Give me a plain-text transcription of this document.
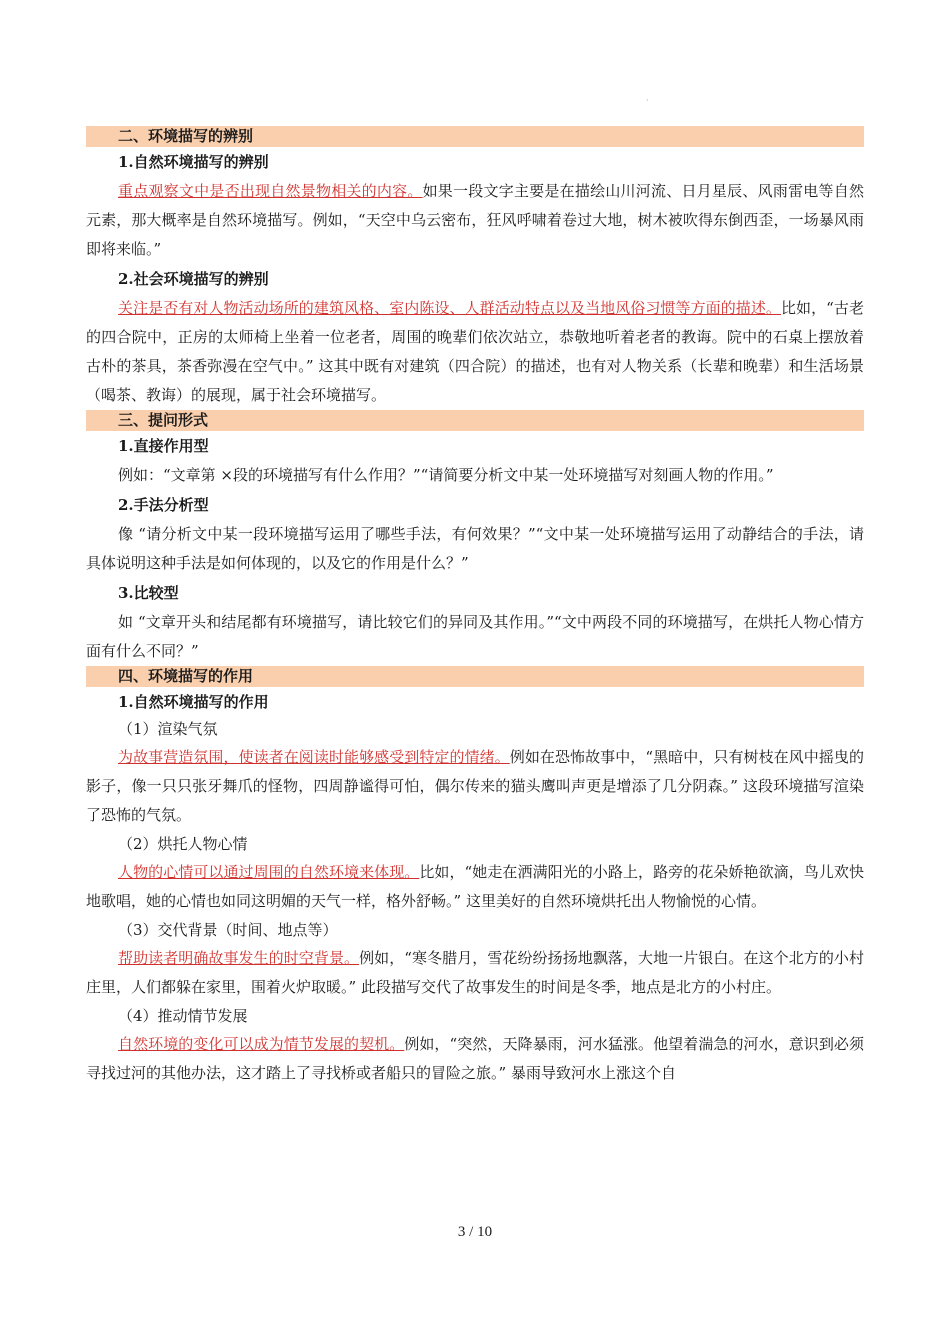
·
二、环境描写的辨别
1.自然环境描写的辨别

重点观察文中是否出现自然景物相关的内容。如果一段文字主要是在描绘山川河流、日月星辰、风雨雷电等自然元素，那大概率是自然环境描写。例如，“天空中乌云密布，狂风呼啸着卷过大地，树木被吹得东倒西歪，一场暴风雨即将来临。”

2.社会环境描写的辨别

关注是否有对人物活动场所的建筑风格、室内陈设、人群活动特点以及当地风俗习惯等方面的描述。比如，“古老的四合院中，正房的太师椅上坐着一位老者，周围的晚辈们依次站立，恭敬地听着老者的教诲。院中的石桌上摆放着古朴的茶具，茶香弥漫在空气中。” 这其中既有对建筑（四合院）的描述，也有对人物关系（长辈和晚辈）和生活场景（喝茶、教诲）的展现，属于社会环境描写。

三、提问形式
1.直接作用型

例如：“文章第 ×段的环境描写有什么作用？”“请简要分析文中某一处环境描写对刻画人物的作用。”

2.手法分析型

像 “请分析文中某一段环境描写运用了哪些手法，有何效果？”“文中某一处环境描写运用了动静结合的手法，请具体说明这种手法是如何体现的，以及它的作用是什么？”

3.比较型

如 “文章开头和结尾都有环境描写，请比较它们的异同及其作用。”“文中两段不同的环境描写，在烘托人物心情方面有什么不同？”

四、环境描写的作用
1.自然环境描写的作用
（1）渲染气氛

为故事营造氛围，使读者在阅读时能够感受到特定的情绪。例如在恐怖故事中，“黑暗中，只有树枝在风中摇曳的影子，像一只只张牙舞爪的怪物，四周静谧得可怕，偶尔传来的猫头鹰叫声更是增添了几分阴森。” 这段环境描写渲染了恐怖的气氛。

（2）烘托人物心情

人物的心情可以通过周围的自然环境来体现。比如，“她走在洒满阳光的小路上，路旁的花朵娇艳欲滴，鸟儿欢快地歌唱，她的心情也如同这明媚的天气一样，格外舒畅。” 这里美好的自然环境烘托出人物愉悦的心情。

（3）交代背景（时间、地点等）

帮助读者明确故事发生的时空背景。例如，“寒冬腊月，雪花纷纷扬扬地飘落，大地一片银白。在这个北方的小村庄里，人们都躲在家里，围着火炉取暖。” 此段描写交代了故事发生的时间是冬季，地点是北方的小村庄。

（4）推动情节发展

自然环境的变化可以成为情节发展的契机。例如，“突然，天降暴雨，河水猛涨。他望着湍急的河水，意识到必须寻找过河的其他办法，这才踏上了寻找桥或者船只的冒险之旅。” 暴雨导致河水上涨这个自

3 / 10
